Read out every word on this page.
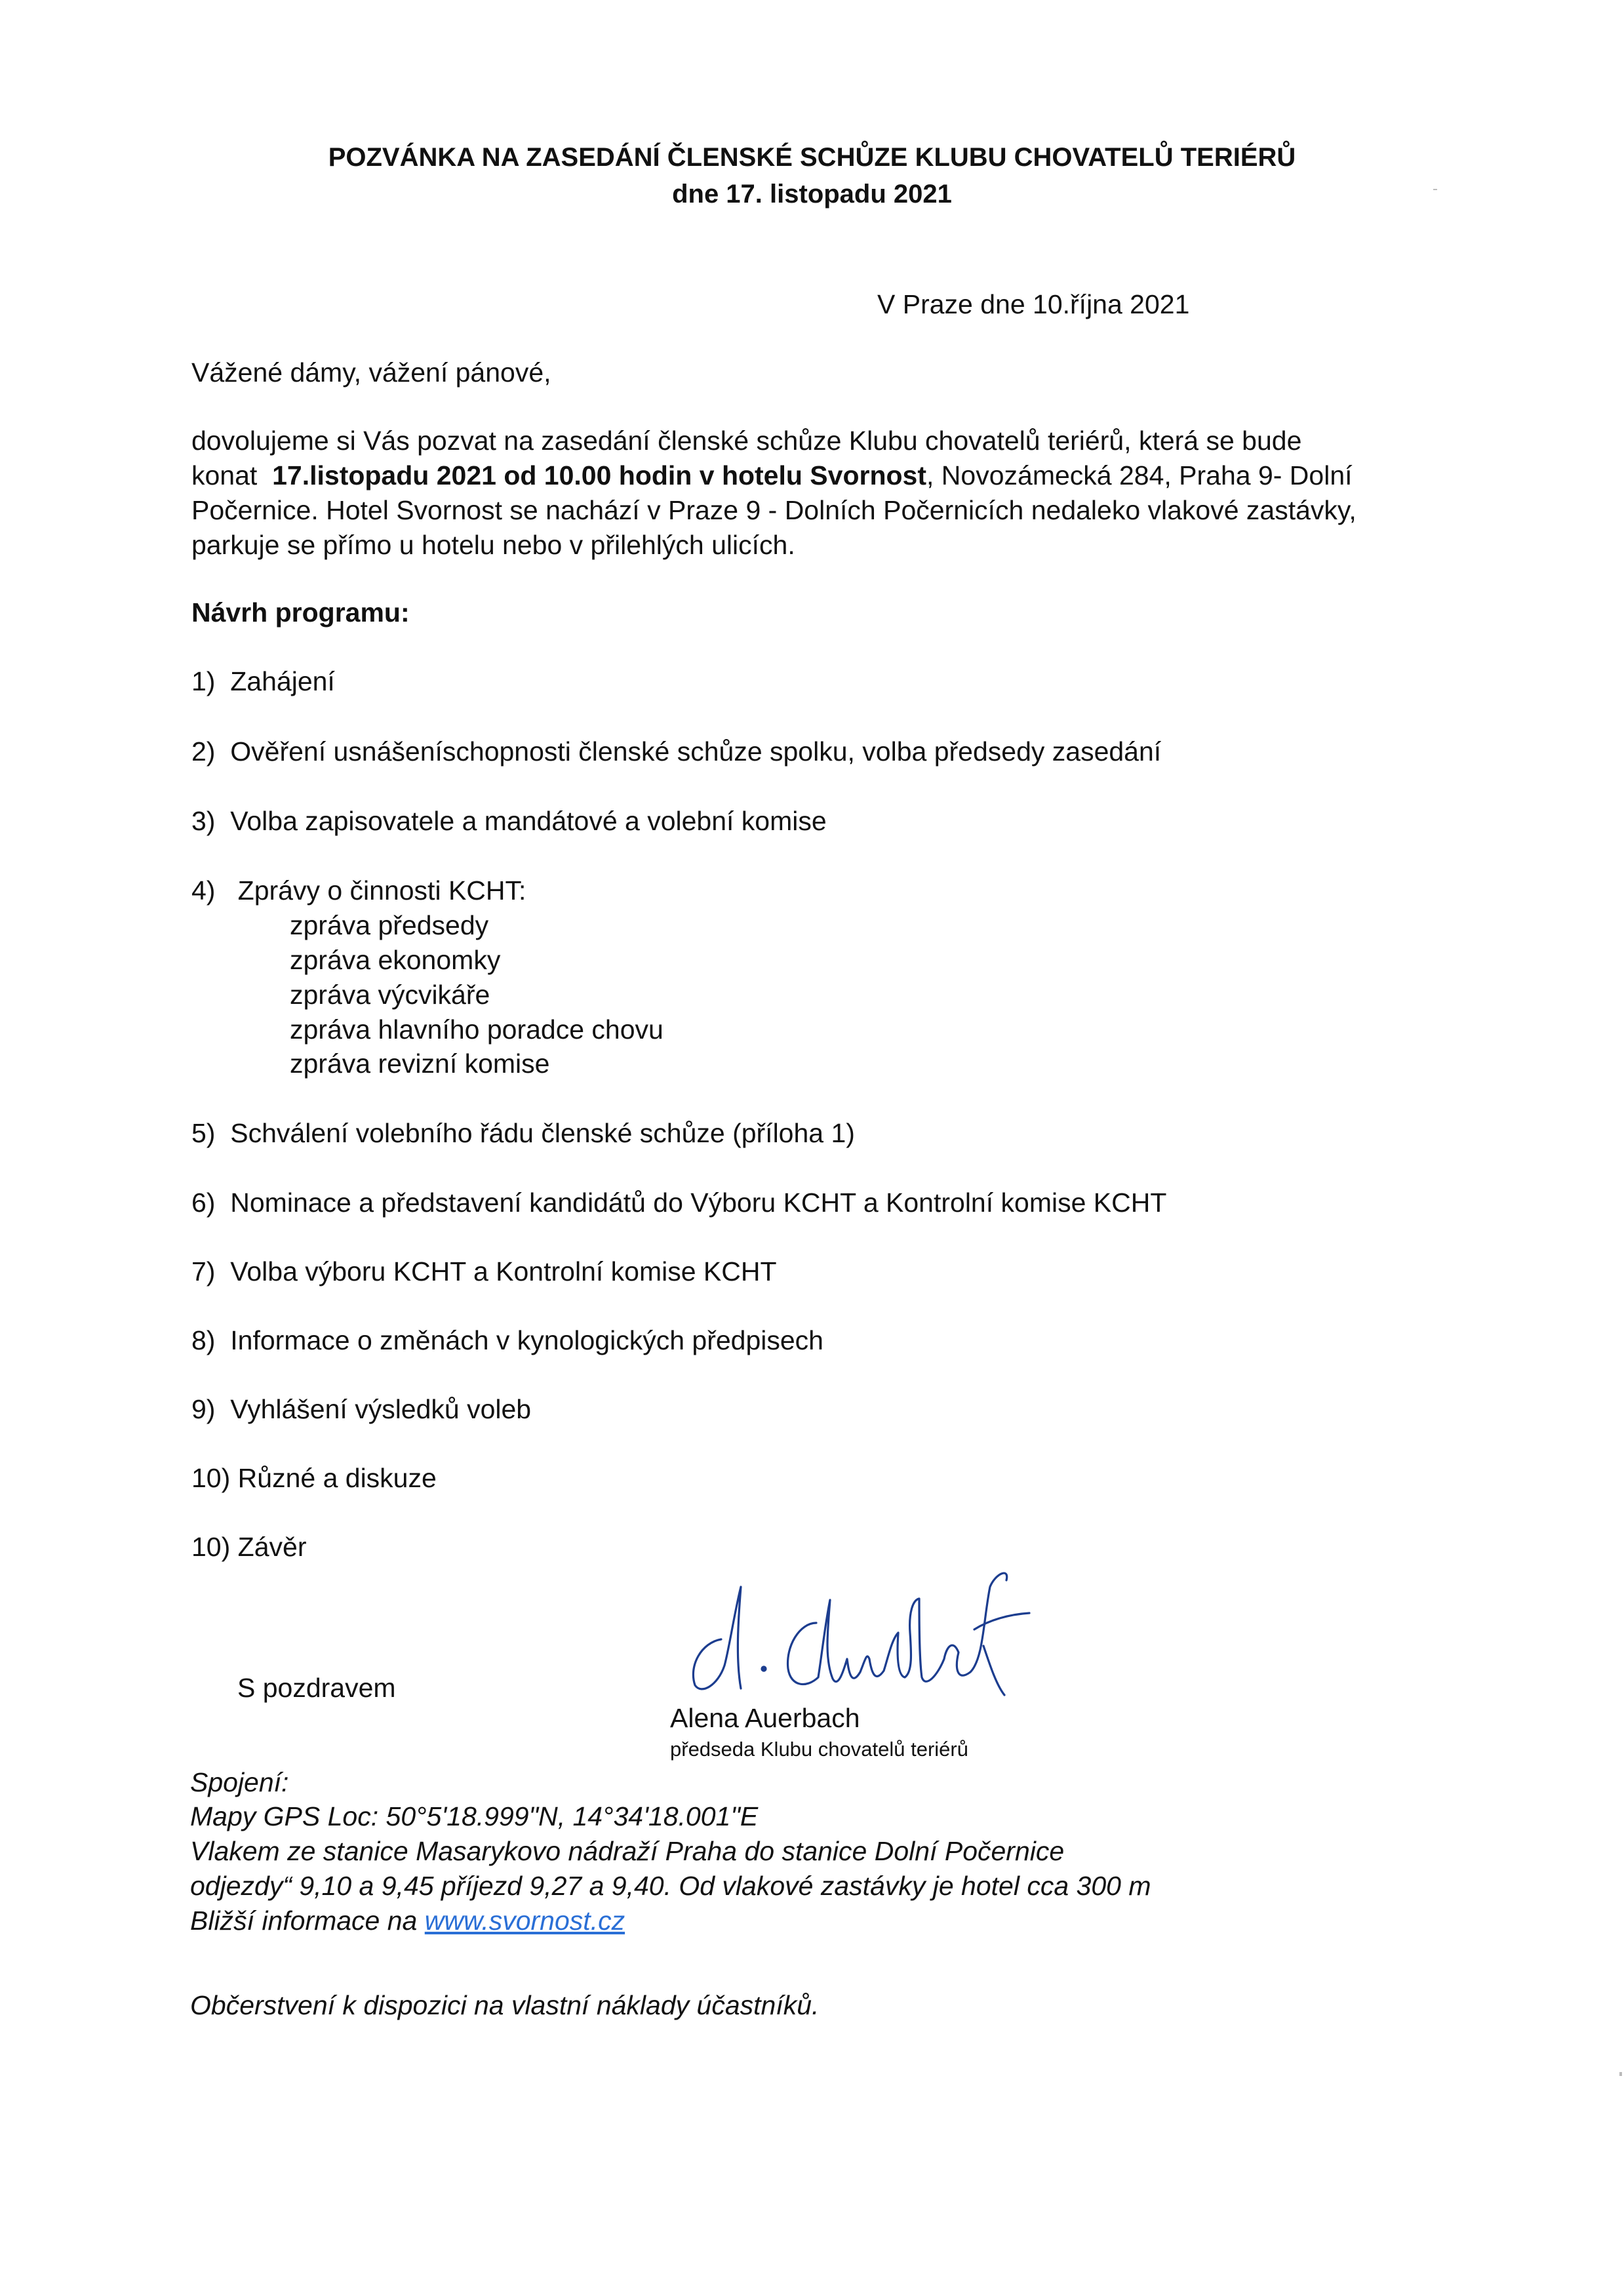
POZVÁNKA NA ZASEDÁNÍ ČLENSKÉ SCHŮZE KLUBU CHOVATELŮ TERIÉRŮ
dne 17. listopadu 2021
V Praze dne 10.října 2021
Vážené dámy, vážení pánové,
dovolujeme si Vás pozvat na zasedání členské schůze Klubu chovatelů teriérů, která se bude
konat 17.listopadu 2021 od 10.00 hodin v hotelu Svornost, Novozámecká 284, Praha 9- Dolní
Počernice. Hotel Svornost se nachází v Praze 9 - Dolních Počernicích nedaleko vlakové zastávky,
parkuje se přímo u hotelu nebo v přilehlých ulicích.
Návrh programu:
1) Zahájení
2) Ověření usnášeníschopnosti členské schůze spolku, volba předsedy zasedání
3) Volba zapisovatele a mandátové a volební komise
4) Zprávy o činnosti KCHT:
zpráva předsedy
zpráva ekonomky
zpráva výcvikáře
zpráva hlavního poradce chovu
zpráva revizní komise
5) Schválení volebního řádu členské schůze (příloha 1)
6) Nominace a představení kandidátů do Výboru KCHT a Kontrolní komise KCHT
7) Volba výboru KCHT a Kontrolní komise KCHT
8) Informace o změnách v kynologických předpisech
9) Vyhlášení výsledků voleb
10) Různé a diskuze
10) Závěr
S pozdravem
Alena Auerbach
předseda Klubu chovatelů teriérů
Spojení:
Mapy GPS Loc: 50°5'18.999"N, 14°34'18.001"E
Vlakem ze stanice Masarykovo nádraží Praha do stanice Dolní Počernice
odjezdy“ 9,10 a 9,45 příjezd 9,27 a 9,40. Od vlakové zastávky je hotel cca 300 m
Bližší informace na www.svornost.cz
Občerstvení k dispozici na vlastní náklady účastníků.
